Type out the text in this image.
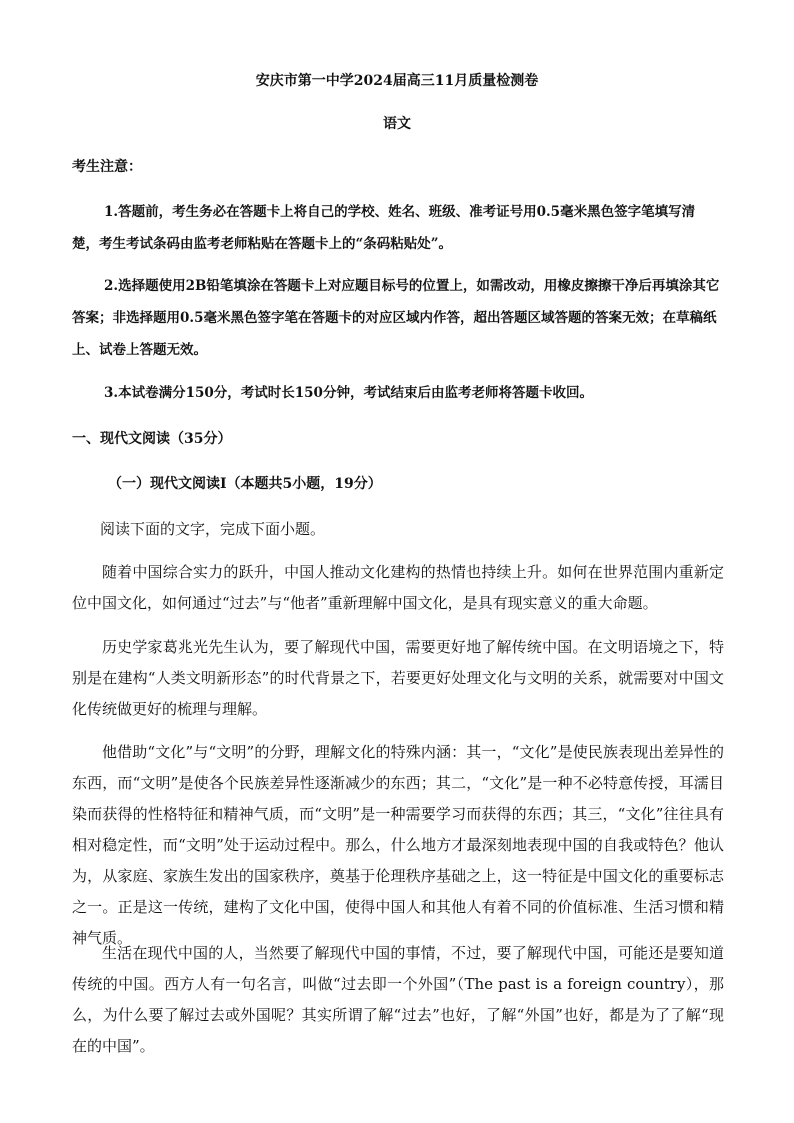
安庆市第一中学2024届高三11月质量检测卷
语文
考生注意：
1.答题前，考生务必在答题卡上将自己的学校、姓名、班级、准考证号用0.5毫米黑色签字笔填写清楚，考生考试条码由监考老师粘贴在答题卡上的“条码粘贴处”。
2.选择题使用2B铅笔填涂在答题卡上对应题目标号的位置上，如需改动，用橡皮擦擦干净后再填涂其它答案；非选择题用0.5毫米黑色签字笔在答题卡的对应区域内作答，超出答题区域答题的答案无效；在草稿纸上、试卷上答题无效。
3.本试卷满分150分，考试时长150分钟，考试结束后由监考老师将答题卡收回。
一、现代文阅读（35分）
（一）现代文阅读Ⅰ（本题共5小题，19分）
阅读下面的文字，完成下面小题。
随着中国综合实力的跃升，中国人推动文化建构的热情也持续上升。如何在世界范围内重新定位中国文化，如何通过“过去”与“他者”重新理解中国文化，是具有现实意义的重大命题。
历史学家葛兆光先生认为，要了解现代中国，需要更好地了解传统中国。在文明语境之下，特别是在建构“人类文明新形态”的时代背景之下，若要更好处理文化与文明的关系，就需要对中国文化传统做更好的梳理与理解。
他借助“文化”与“文明”的分野，理解文化的特殊内涵：其一，“文化”是使民族表现出差异性的东西，而“文明”是使各个民族差异性逐渐减少的东西；其二，“文化”是一种不必特意传授，耳濡目染而获得的性格特征和精神气质，而“文明”是一种需要学习而获得的东西；其三，“文化”往往具有相对稳定性，而“文明”处于运动过程中。那么，什么地方才最深刻地表现中国的自我或特色？他认为，从家庭、家族生发出的国家秩序，奠基于伦理秩序基础之上，这一特征是中国文化的重要标志之一。正是这一传统，建构了文化中国，使得中国人和其他人有着不同的价值标准、生活习惯和精神气质。
生活在现代中国的人，当然要了解现代中国的事情，不过，要了解现代中国，可能还是要知道传统的中国。西方人有一句名言，叫做“过去即一个外国”（The past is a foreign country），那么，为什么要了解过去或外国呢？其实所谓了解“过去”也好，了解“外国”也好，都是为了了解“现在的中国”。
